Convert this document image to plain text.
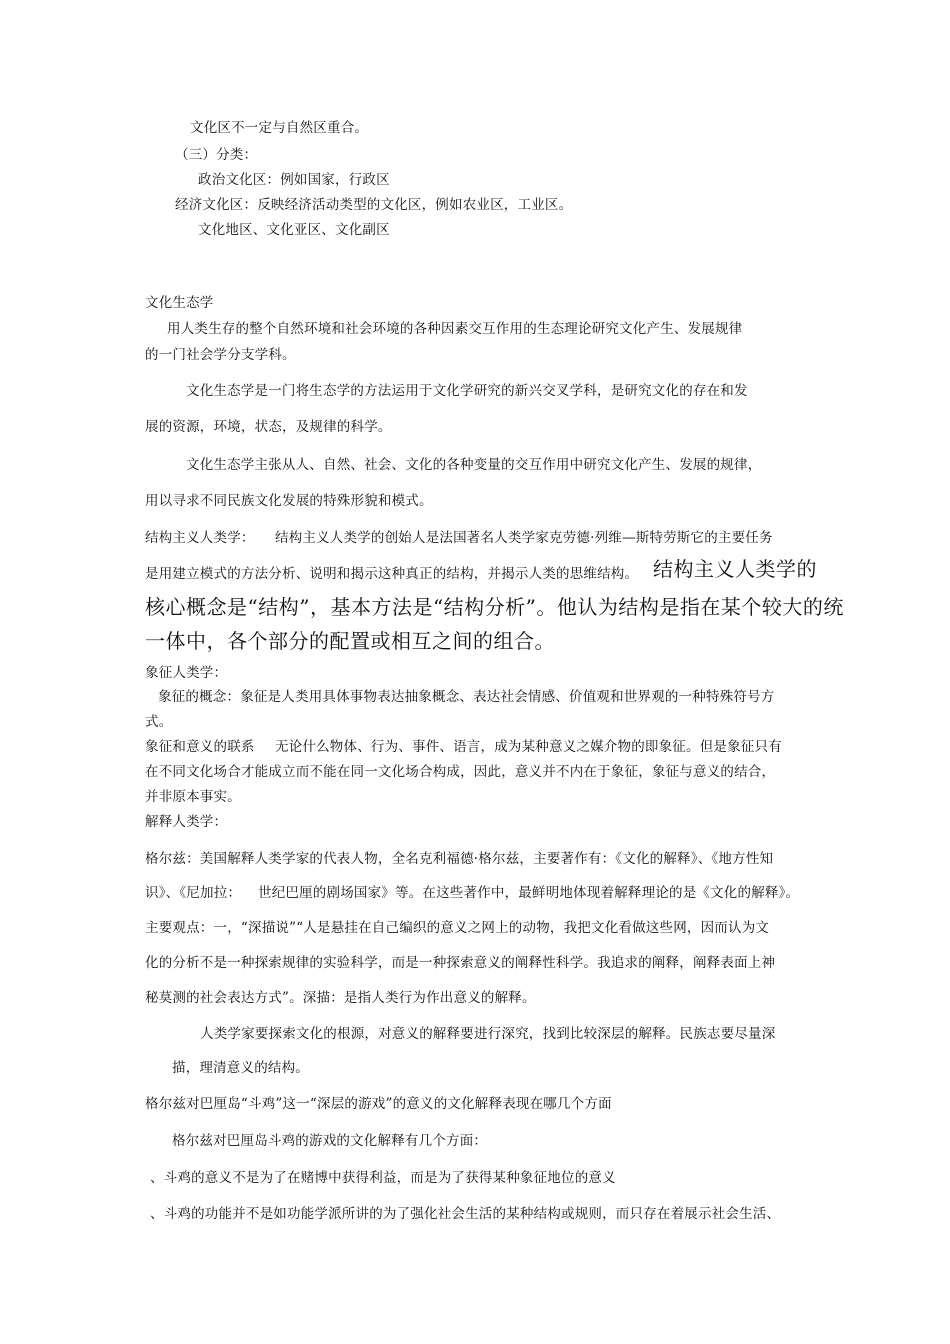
文化区不一定与自然区重合。
（三）分类：
政治文化区：例如国家，行政区
经济文化区：反映经济活动类型的文化区，例如农业区，工业区。
文化地区、文化亚区、文化副区
文化生态学
用人类生存的整个自然环境和社会环境的各种因素交互作用的生态理论研究文化产生、发展规律
的一门社会学分支学科。
文化生态学是一门将生态学的方法运用于文化学研究的新兴交叉学科，是研究文化的存在和发
展的资源，环境，状态，及规律的科学。
文化生态学主张从人、自然、社会、文化的各种变量的交互作用中研究文化产生、发展的规律，
用以寻求不同民族文化发展的特殊形貌和模式。
结构主义人类学： 结构主义人类学的创始人是法国著名人类学家克劳德·列维—斯特劳斯它的主要任务
是用建立模式的方法分析、说明和揭示这种真正的结构，并揭示人类的思维结构。 结构主义人类学的
核心概念是“结构”，基本方法是“结构分析”。他认为结构是指在某个较大的统
一体中，各个部分的配置或相互之间的组合。
象征人类学：
象征的概念：象征是人类用具体事物表达抽象概念、表达社会情感、价值观和世界观的一种特殊符号方
式。
象征和意义的联系 无论什么物体、行为、事件、语言，成为某种意义之媒介物的即象征。但是象征只有
在不同文化场合才能成立而不能在同一文化场合构成，因此，意义并不内在于象征，象征与意义的结合，
并非原本事实。
解释人类学：
格尔兹：美国解释人类学家的代表人物，全名克利福德·格尔兹，主要著作有：《文化的解释》、《地方性知
识》、《尼加拉： 世纪巴厘的剧场国家》等。在这些著作中，最鲜明地体现着解释理论的是《文化的解释》。
主要观点：一，“深描说”“人是悬挂在自己编织的意义之网上的动物，我把文化看做这些网，因而认为文
化的分析不是一种探索规律的实验科学，而是一种探索意义的阐释性科学。我追求的阐释，阐释表面上神
秘莫测的社会表达方式”。深描：是指人类行为作出意义的解释。
人类学家要探索文化的根源，对意义的解释要进行深究，找到比较深层的解释。民族志要尽量深
描，理清意义的结构。
格尔兹对巴厘岛“斗鸡”这一“深层的游戏”的意义的文化解释表现在哪几个方面
格尔兹对巴厘岛斗鸡的游戏的文化解释有几个方面：
、斗鸡的意义不是为了在赌博中获得利益，而是为了获得某种象征地位的意义
、斗鸡的功能并不是如功能学派所讲的为了强化社会生活的某种结构或规则，而只存在着展示社会生活、
